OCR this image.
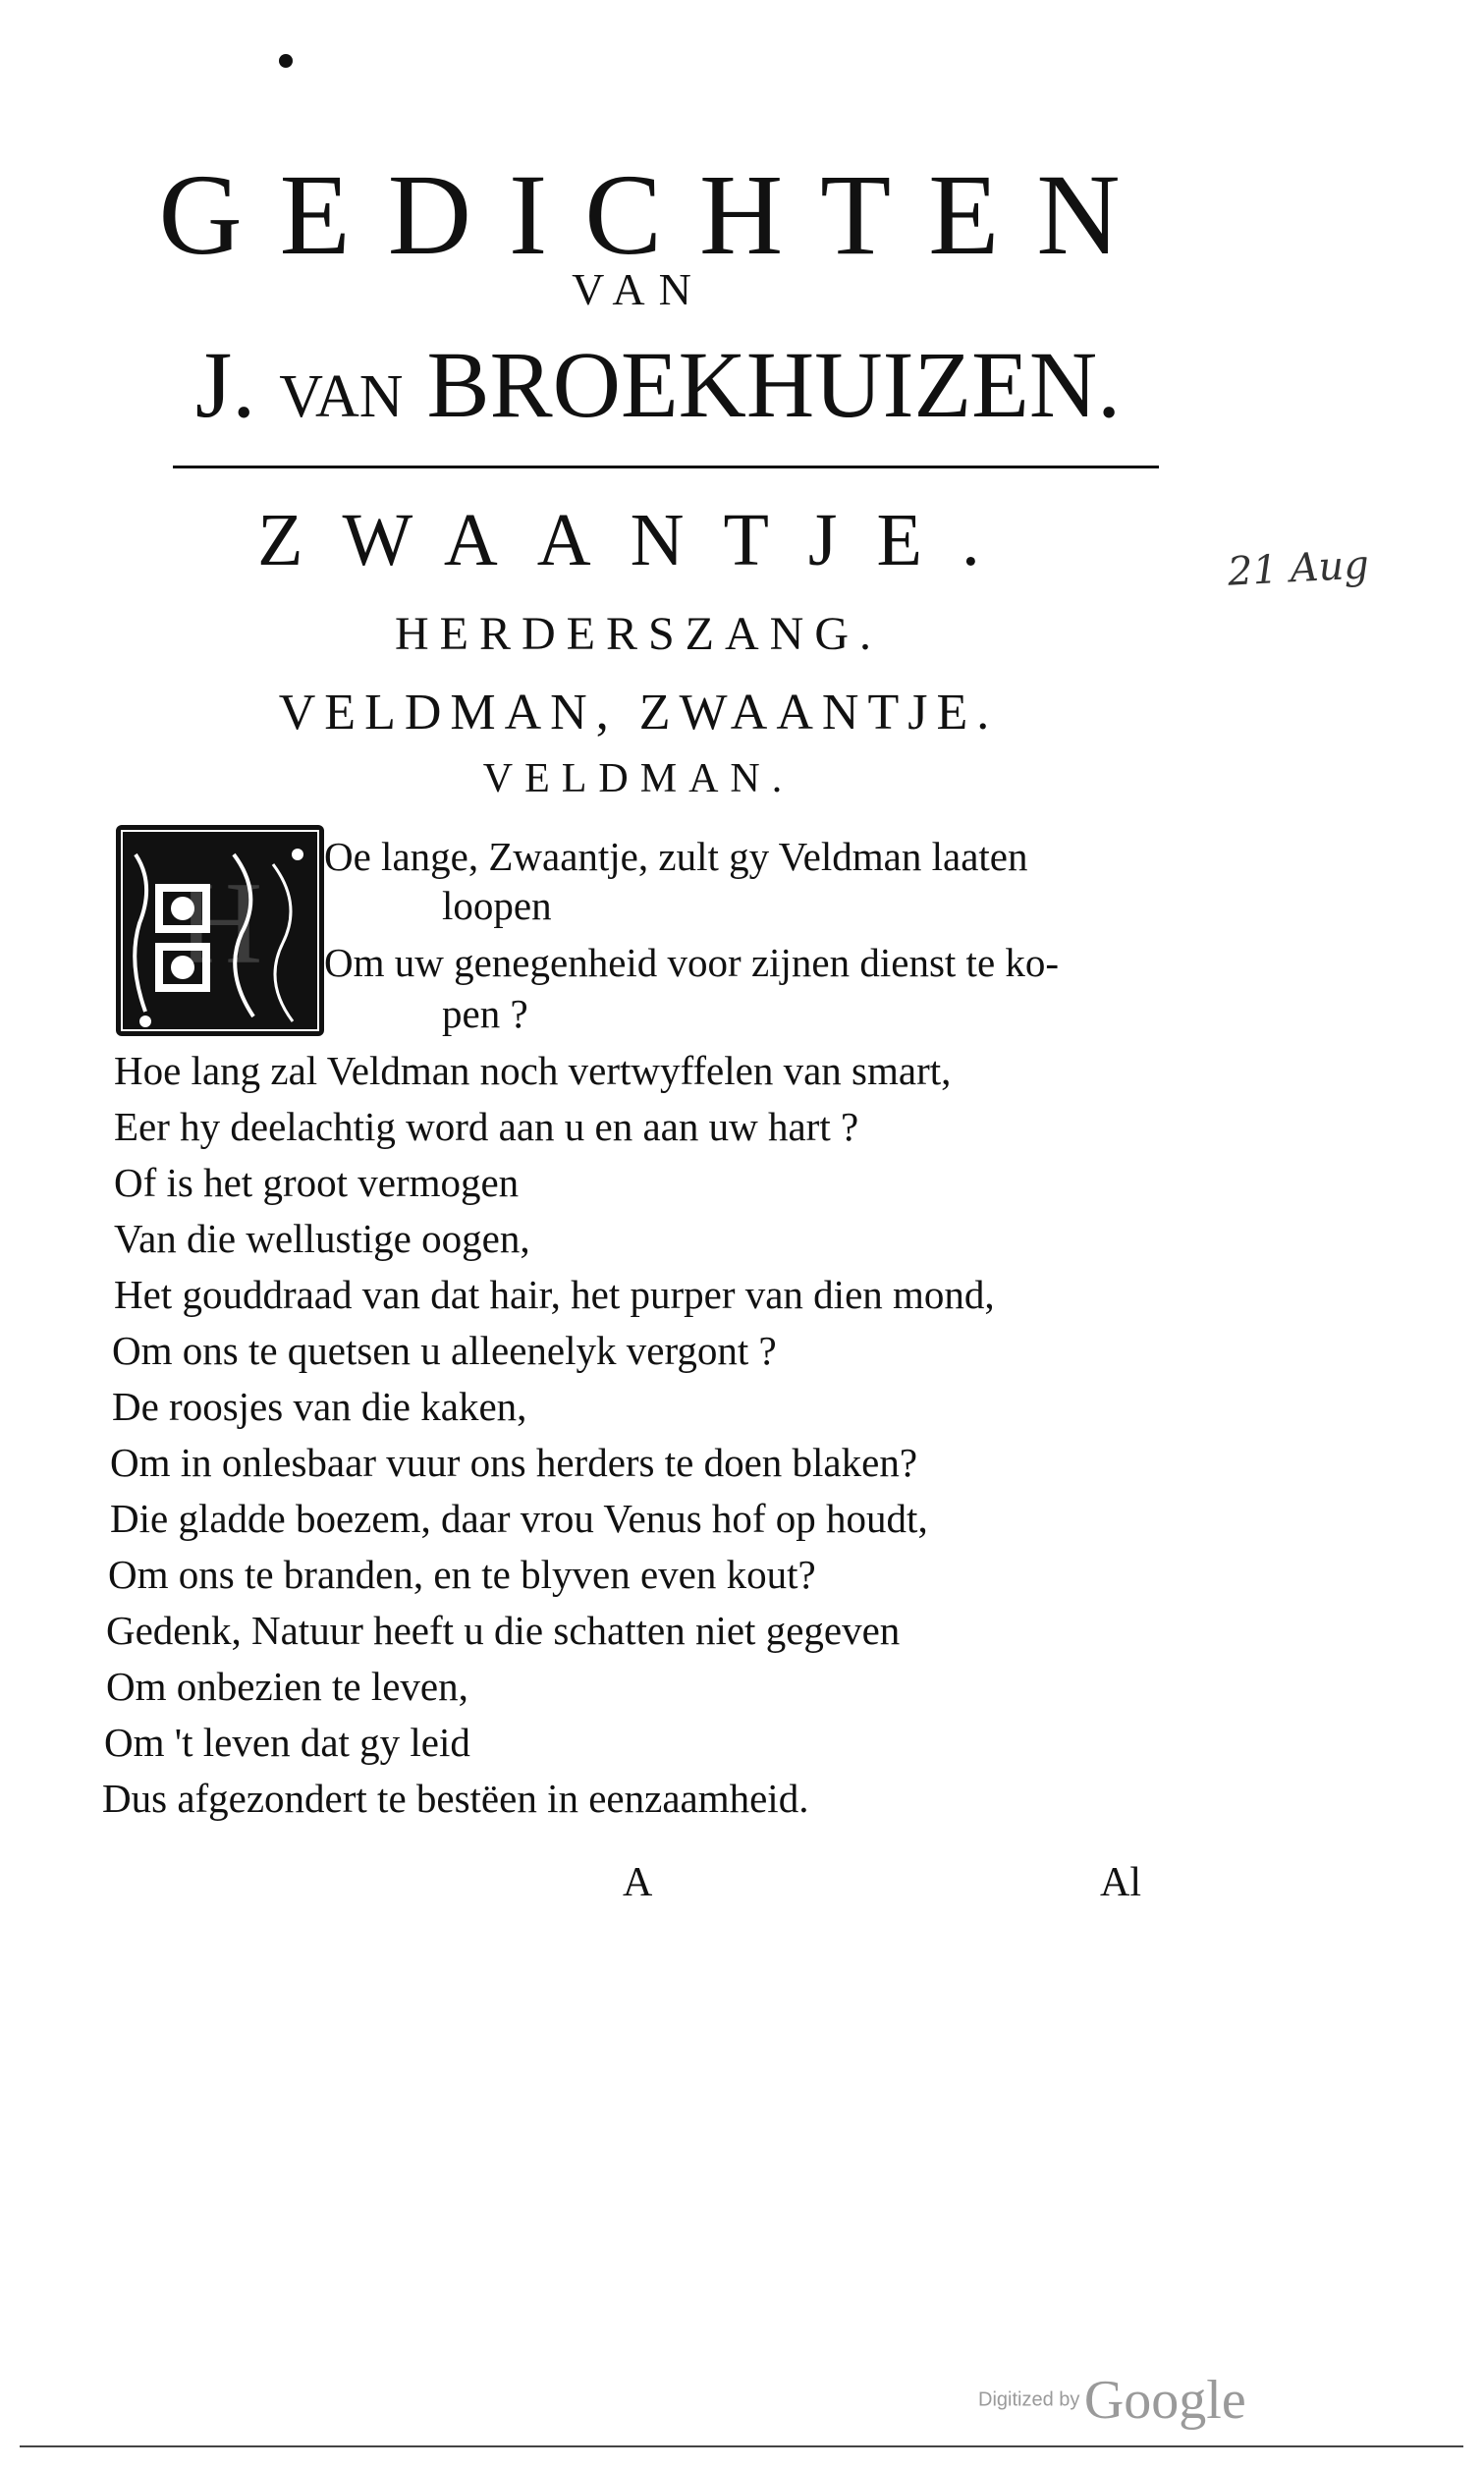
GEDICHTEN
VAN
J. VAN BROEKHUIZEN.
21 Aug
ZWAANTJE.
HERDERSZANG.
VELDMAN, ZWAANTJE.
VELDMAN.
H
Oe lange, Zwaantje, zult gy Veldman laaten
loopen
Om uw genegenheid voor zijnen dienst te ko-
pen ?
Hoe lang zal Veldman noch vertwyffelen van smart,
Eer hy deelachtig word aan u en aan uw hart ?
Of is het groot vermogen
Van die wellustige oogen,
Het gouddraad van dat hair, het purper van dien mond,
Om ons te quetsen u alleenelyk vergont ?
De roosjes van die kaken,
Om in onlesbaar vuur ons herders te doen blaken?
Die gladde boezem, daar vrou Venus hof op houdt,
Om ons te branden, en te blyven even kout?
Gedenk, Natuur heeft u die schatten niet gegeven
Om onbezien te leven,
Om 't leven dat gy leid
Dus afgezondert te bestëen in eenzaamheid.
A	Al
Digitized by Google
